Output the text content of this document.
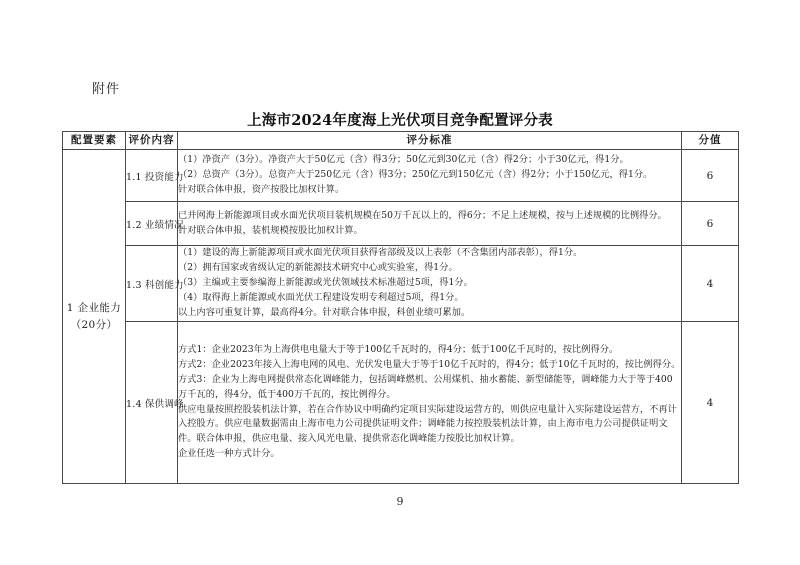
附件
上海市2024年度海上光伏项目竞争配置评分表
配置要素	评价内容	评分标准	分值
1 企业能力
（20分）	1.1 投资能力	（1）净资产（3分）。净资产大于50亿元（含）得3分；50亿元到30亿元（含）得2分；小于30亿元，得1分。
（2）总资产（3分）。总资产大于250亿元（含）得3分；250亿元到150亿元（含）得2分；小于150亿元，得1分。
针对联合体申报，资产按股比加权计算。	6
	1.2 业绩情况	已并网海上新能源项目或水面光伏项目装机规模在50万千瓦以上的，得6分；不足上述规模，按与上述规模的比例得分。
针对联合体申报，装机规模按股比加权计算。	6
	1.3 科创能力	（1）建设的海上新能源项目或水面光伏项目获得省部级及以上表彰（不含集团内部表彰），得1分。
（2）拥有国家或省级认定的新能源技术研究中心或实验室，得1分。
（3）主编或主要参编海上新能源或光伏领域技术标准超过5项，得1分。
（4）取得海上新能源或水面光伏工程建设发明专利超过5项，得1分。
以上内容可重复计算，最高得4分。针对联合体申报，科创业绩可累加。	4
	1.4 保供调峰	方式1：企业2023年为上海供电电量大于等于100亿千瓦时的，得4分；低于100亿千瓦时的，按比例得分。
方式2：企业2023年接入上海电网的风电、光伏发电量大于等于10亿千瓦时的，得4分；低于10亿千瓦时的，按比例得分。
方式3：企业为上海电网提供常态化调峰能力，包括调峰燃机、公用煤机、抽水蓄能、新型储能等，调峰能力大于等于400万千瓦的，得4分，低于400万千瓦的，按比例得分。
供应电量按照控股装机法计算，若在合作协议中明确约定项目实际建设运营方的，则供应电量计入实际建设运营方，不再计入控股方。供应电量数据需由上海市电力公司提供证明文件；调峰能力按控股装机法计算，由上海市电力公司提供证明文件。联合体申报，供应电量、接入风光电量、提供常态化调峰能力按股比加权计算。
企业任选一种方式计分。	4
9
